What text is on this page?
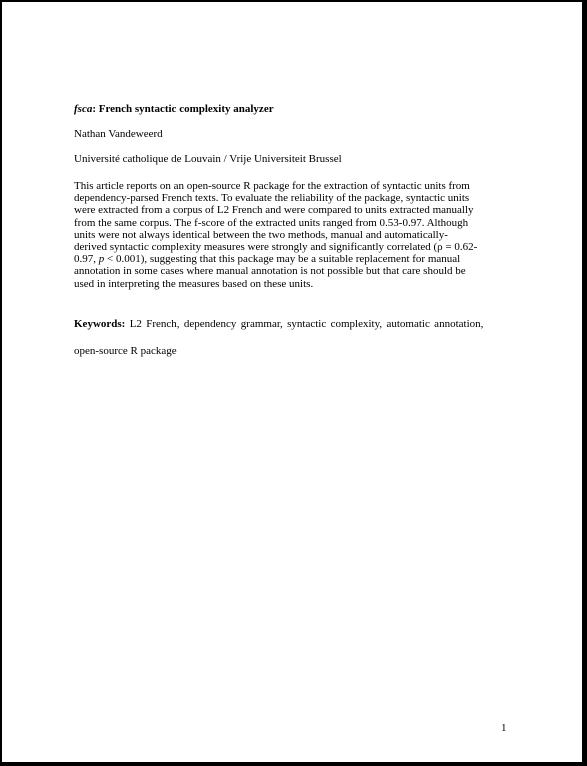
fsca: French syntactic complexity analyzer
Nathan Vandeweerd
Université catholique de Louvain / Vrije Universiteit Brussel
This article reports on an open-source R package for the extraction of syntactic units from
dependency-parsed French texts. To evaluate the reliability of the package, syntactic units
were extracted from a corpus of L2 French and were compared to units extracted manually
from the same corpus. The f-score of the extracted units ranged from 0.53-0.97. Although
units were not always identical between the two methods, manual and automatically-
derived syntactic complexity measures were strongly and significantly correlated (ρ = 0.62-
0.97, p < 0.001), suggesting that this package may be a suitable replacement for manual
annotation in some cases where manual annotation is not possible but that care should be
used in interpreting the measures based on these units.
Keywords: L2 French, dependency grammar, syntactic complexity, automatic annotation,
open-source R package
1
